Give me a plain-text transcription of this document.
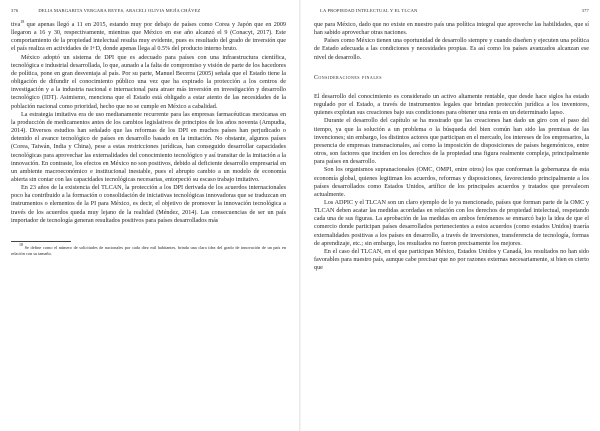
376	DELIA MARGARITA VERGARA REYES, ARACELI OLIVIA MEJÍA CHÁVEZ

tiva$^{18}$ que apenas llegó a 11 en 2015, estando muy por debajo de países como Corea y Japón que en 2009 llegaron a 16 y 30, respectivamente, mientras que México en ese año alcanzó el 9 (Conacyt, 2017). Este comportamiento de la propiedad intelectual resulta muy evidente, pues es resultado del grado de inversión que el país realiza en actividades de I+D, donde apenas llega al 0.5% del producto interno bruto.

México adoptó un sistema de DPI que es adecuado para países con una infraestructura científica, tecnológica e industrial desarrollada, lo que, aunado a la falta de compromiso y visión de parte de los hacedores de política, pone en gran desventaja al país. Por su parte, Manuel Becerra (2005) señala que el Estado tiene la obligación de difundir el conocimiento público una vez que ha expirado la protección a los centros de investigación y a la industria nacional e internacional para atraer más inversión en investigación y desarrollo tecnológico (IDT). Asimismo, menciona que el Estado está obligado a estar atento de las necesidades de la población nacional como prioridad, hecho que no se cumple en México a cabalidad.

La estrategia imitativa era de uso medianamente recurrente para las empresas farmacéuticas mexicanas en la producción de medicamentos antes de los cambios legislativos de principios de los años noventa (Ampudia, 2014). Diversos estudios han señalado que las reformas de los DPI en muchos países han perjudicado o detenido el avance tecnológico de países en desarrollo basado en la imitación. No obstante, algunos países (Corea, Taiwán, India y China), pese a estas restricciones jurídicas, han conseguido desarrollar capacidades tecnológicas para aprovechar las externalidades del conocimiento tecnológico y así transitar de la imitación a la innovación. En contraste, los efectos en México no son positivos, debido al deficiente desarrollo empresarial en un ambiente macroeconómico e institucional inestable, pues el abrupto cambio a un modelo de economía abierta sin contar con las capacidades tecnológicas necesarias, entorpeció su escaso trabajo imitativo.

En 23 años de la existencia del TLCAN, la protección a los DPI derivada de los acuerdos internacionales poco ha contribuido a la formación o consolidación de iniciativas tecnológicas innovadoras que se traduzcan en instrumentos o elementos de la PI para México, es decir, el objetivo de promover la innovación tecnológica a través de los acuerdos queda muy lejano de la realidad (Méndez, 2014). Las consecuencias de ser un país importador de tecnología generan resultados positivos para países desarrollados más

$^{18}$ Se define como el número de solicitudes de nacionales por cada diez mil habitantes, brinda una clara idea del grado de innovación de un país en relación con su tamaño.
LA PROPIEDAD INTELECTUAL Y EL TLCAN	377

que para México, dado que no existe en nuestro país una política integral que aproveche las habilidades, que sí han sabido aprovechar otras naciones.

Países como México tienen una oportunidad de desarrollo siempre y cuando diseñen y ejecuten una política de Estado adecuada a las condiciones y necesidades propias. Es así como los países avanzados alcanzan ese nivel de desarrollo.

Consideraciones finales

El desarrollo del conocimiento es considerado un activo altamente rentable, que desde hace siglos ha estado regulado por el Estado, a través de instrumentos legales que brindan protección jurídica a los inventores, quienes explotan sus creaciones bajo sus condiciones para obtener una renta en un determinado lapso.

Durante el desarrollo del capítulo se ha mostrado que las creaciones han dado un giro con el paso del tiempo, ya que la solución a un problema o la búsqueda del bien común han sido las premisas de las invenciones; sin embargo, los distintos actores que participan en el mercado, los intereses de los empresarios, la presencia de empresas transnacionales, así como la imposición de disposiciones de países hegemónicos, entre otros, son factores que inciden en los derechos de la propiedad una figura realmente compleja, principalmente para países en desarrollo.

Son los organismos supranacionales (OMC, OMPI, entre otros) los que conforman la gobernanza de esta economía global, quienes legitiman los acuerdos, reformas y disposiciones, favoreciendo principalmente a los países desarrollados como Estados Unidos, artífice de los principales acuerdos y tratados que prevalecen actualmente.

Los ADPIC y el TLCAN son un claro ejemplo de lo ya mencionado, países que forman parte de la OMC y TLCAN deben acatar las medidas acordadas en relación con los derechos de propiedad intelectual, respetando cada una de sus figuras. La aprobación de las medidas en ambos fenómenos se enmarcó bajo la idea de que el comercio donde participan países desarrollados pertenecientes a estos acuerdos (como estados Unidos) traería externalidades positivas a los países en desarrollo, a través de inversiones, transferencia de tecnología, formas de aprendizaje, etc.; sin embargo, los resultados no fueron precisamente los mejores.

En el caso del TLCAN, en el que participan México, Estados Unidos y Canadá, los resultados no han sido favorables para nuestro país, aunque cabe precisar que no por razones externas necesariamente, si bien es cierto que
